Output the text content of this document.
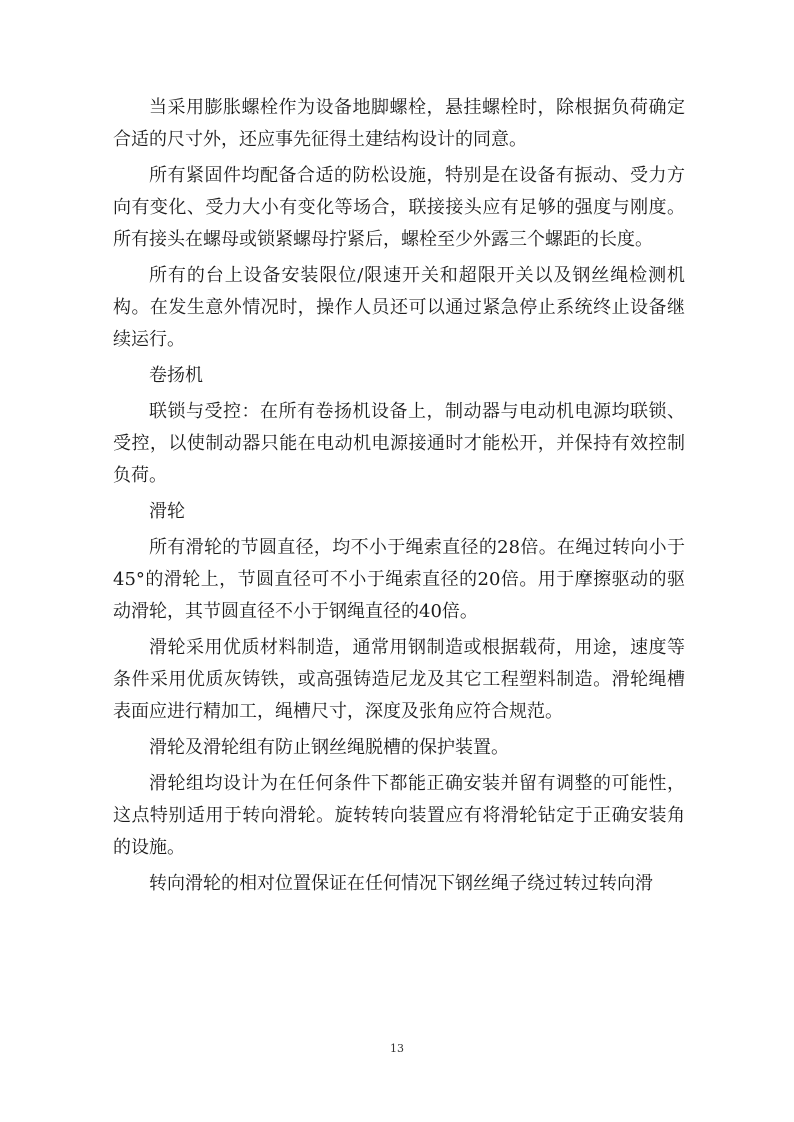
当采用膨胀螺栓作为设备地脚螺栓，悬挂螺栓时，除根据负荷确定合适的尺寸外，还应事先征得土建结构设计的同意。

所有紧固件均配备合适的防松设施，特别是在设备有振动、受力方向有变化、受力大小有变化等场合，联接接头应有足够的强度与刚度。所有接头在螺母或锁紧螺母拧紧后，螺栓至少外露三个螺距的长度。

所有的台上设备安装限位/限速开关和超限开关以及钢丝绳检测机构。在发生意外情况时，操作人员还可以通过紧急停止系统终止设备继续运行。

卷扬机

联锁与受控：在所有卷扬机设备上，制动器与电动机电源均联锁、受控，以使制动器只能在电动机电源接通时才能松开，并保持有效控制负荷。

滑轮

所有滑轮的节圆直径，均不小于绳索直径的28倍。在绳过转向小于45°的滑轮上，节圆直径可不小于绳索直径的20倍。用于摩擦驱动的驱动滑轮，其节圆直径不小于钢绳直径的40倍。

滑轮采用优质材料制造，通常用钢制造或根据载荷，用途，速度等条件采用优质灰铸铁，或高强铸造尼龙及其它工程塑料制造。滑轮绳槽表面应进行精加工，绳槽尺寸，深度及张角应符合规范。

滑轮及滑轮组有防止钢丝绳脱槽的保护装置。

滑轮组均设计为在任何条件下都能正确安装并留有调整的可能性，这点特别适用于转向滑轮。旋转转向装置应有将滑轮钻定于正确安装角的设施。

转向滑轮的相对位置保证在任何情况下钢丝绳子绕过转过转向滑

13
